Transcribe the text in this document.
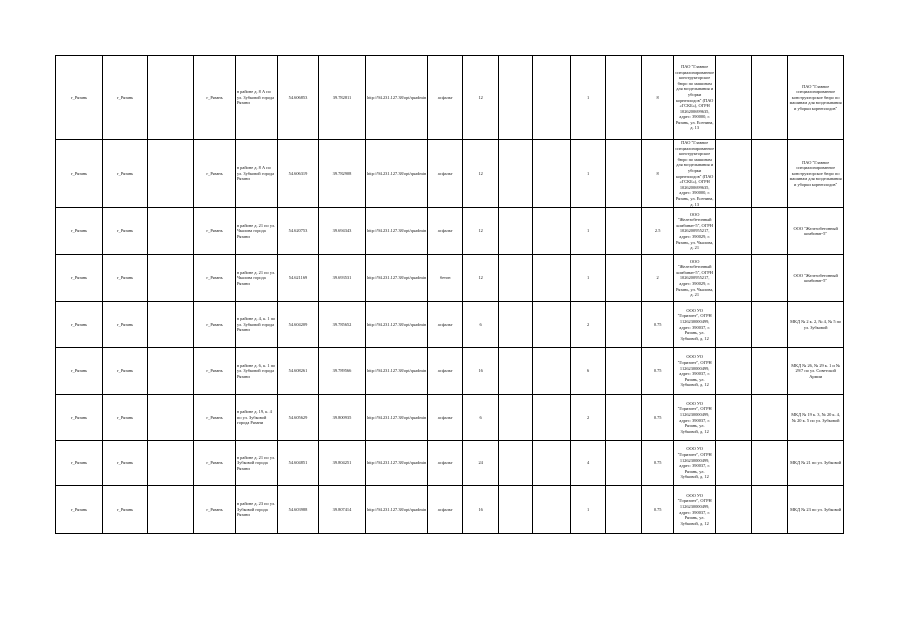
г_Рязань	г_Рязань		г_Рязань	в районе д. 8 А по ул. Зубковой города Рязани	54.606853	39.782811	http://94.231.127.38/opt/quadmin	асфальт	12			1		8	ПАО "Главное специализированное конструкторское бюро по машинам для возделывания и уборки корнеплодов" (ПАО «ГСКБ»), ОГРН 1026200699635, адрес: 390000, г. Рязань, ул. Есенина, д. 13			ПАО "Главное специализированное конструкторское бюро по машинам для возделывания и уборки корнеплодов"
г_Рязань	г_Рязань		г_Рязань	в районе д. 8 А по ул. Зубковой города Рязани	54.606319	39.782908	http://94.231.127.38/opt/quadmin	асфальт	12			1		8	ПАО "Главное специализированное конструкторское бюро по машинам для возделывания и уборки корнеплодов" (ПАО «ГСКБ»), ОГРН 1026200699635, адрес: 390000, г. Рязань, ул. Есенина, д. 13			ПАО "Главное специализированное конструкторское бюро по машинам для возделывания и уборки корнеплодов"
г_Рязань	г_Рязань		г_Рязань	в районе д. 21 по ул. Чкалова города Рязани	54.620753	39.694343	http://94.231.127.38/opt/quadmin	асфальт	12			1		2.5	ООО "Железобетонный комбинат-5", ОГРН 1026200955217, адрес: 390029, г. Рязань, ул. Чкалова, д. 21			ООО "Железобетонный комбинат-5"
г_Рязань	г_Рязань		г_Рязань	в районе д. 21 по ул. Чкалова города Рязани	54.621169	39.693531	http://94.231.127.38/opt/quadmin	бетон	12			1		2	ООО "Железобетонный комбинат-5", ОГРН 1026200955217, адрес: 390029, г. Рязань, ул. Чкалова, д. 21			ООО "Железобетонный комбинат-5"
г_Рязань	г_Рязань		г_Рязань	в районе д. 4, к. 1 по ул. Зубковой города Рязани	54.604209	39.785652	http://94.231.127.38/opt/quadmin	асфальт	6			2		0.75	ООО УО "Горизонт", ОГРН 1126230000499, адрес: 390037, г. Рязань, ул. Зубковой, д. 12			МКД № 2 к. 2, № 4, № 5 по ул. Зубковой
г_Рязань	г_Рязань		г_Рязань	в районе д. 6, к. 1 по ул. Зубковой города Рязани	54.608261	39.789566	http://94.231.127.38/opt/quadmin	асфальт	16			6		0.75	ООО УО "Горизонт", ОГРН 1126230000499, адрес: 390037, г. Рязань, ул. Зубковой, д. 12			МКД № 26, № 29 к. 1 и № 29/7 по ул. Советской Армии
г_Рязань	г_Рязань		г_Рязань	в районе д. 19, к. 4 по ул. Зубковой города Рязани	54.605629	39.800935	http://94.231.127.38/opt/quadmin	асфальт	6			2		0.75	ООО УО "Горизонт", ОГРН 1126230000499, адрес: 390037, г. Рязань, ул. Зубковой, д. 12			МКД № 19 к. 3, № 20 к. 4, № 20 к. 5 по ул. Зубковой
г_Рязань	г_Рязань		г_Рязань	в районе д. 21 по ул. Зубковой города Рязани	54.604851	39.804251	http://94.231.127.38/opt/quadmin	асфальт	24			4		0.75	ООО УО "Горизонт", ОГРН 1126230000499, адрес: 390037, г. Рязань, ул. Зубковой, д. 12			МКД № 21 по ул. Зубковой
г_Рязань	г_Рязань		г_Рязань	в районе д. 23 по ул. Зубковой города Рязани	54.603988	39.807414	http://94.231.127.38/opt/quadmin	асфальт	16			1		0.75	ООО УО "Горизонт", ОГРН 1126230000499, адрес: 390037, г. Рязань, ул. Зубковой, д. 12			МКД № 23 по ул. Зубковой
